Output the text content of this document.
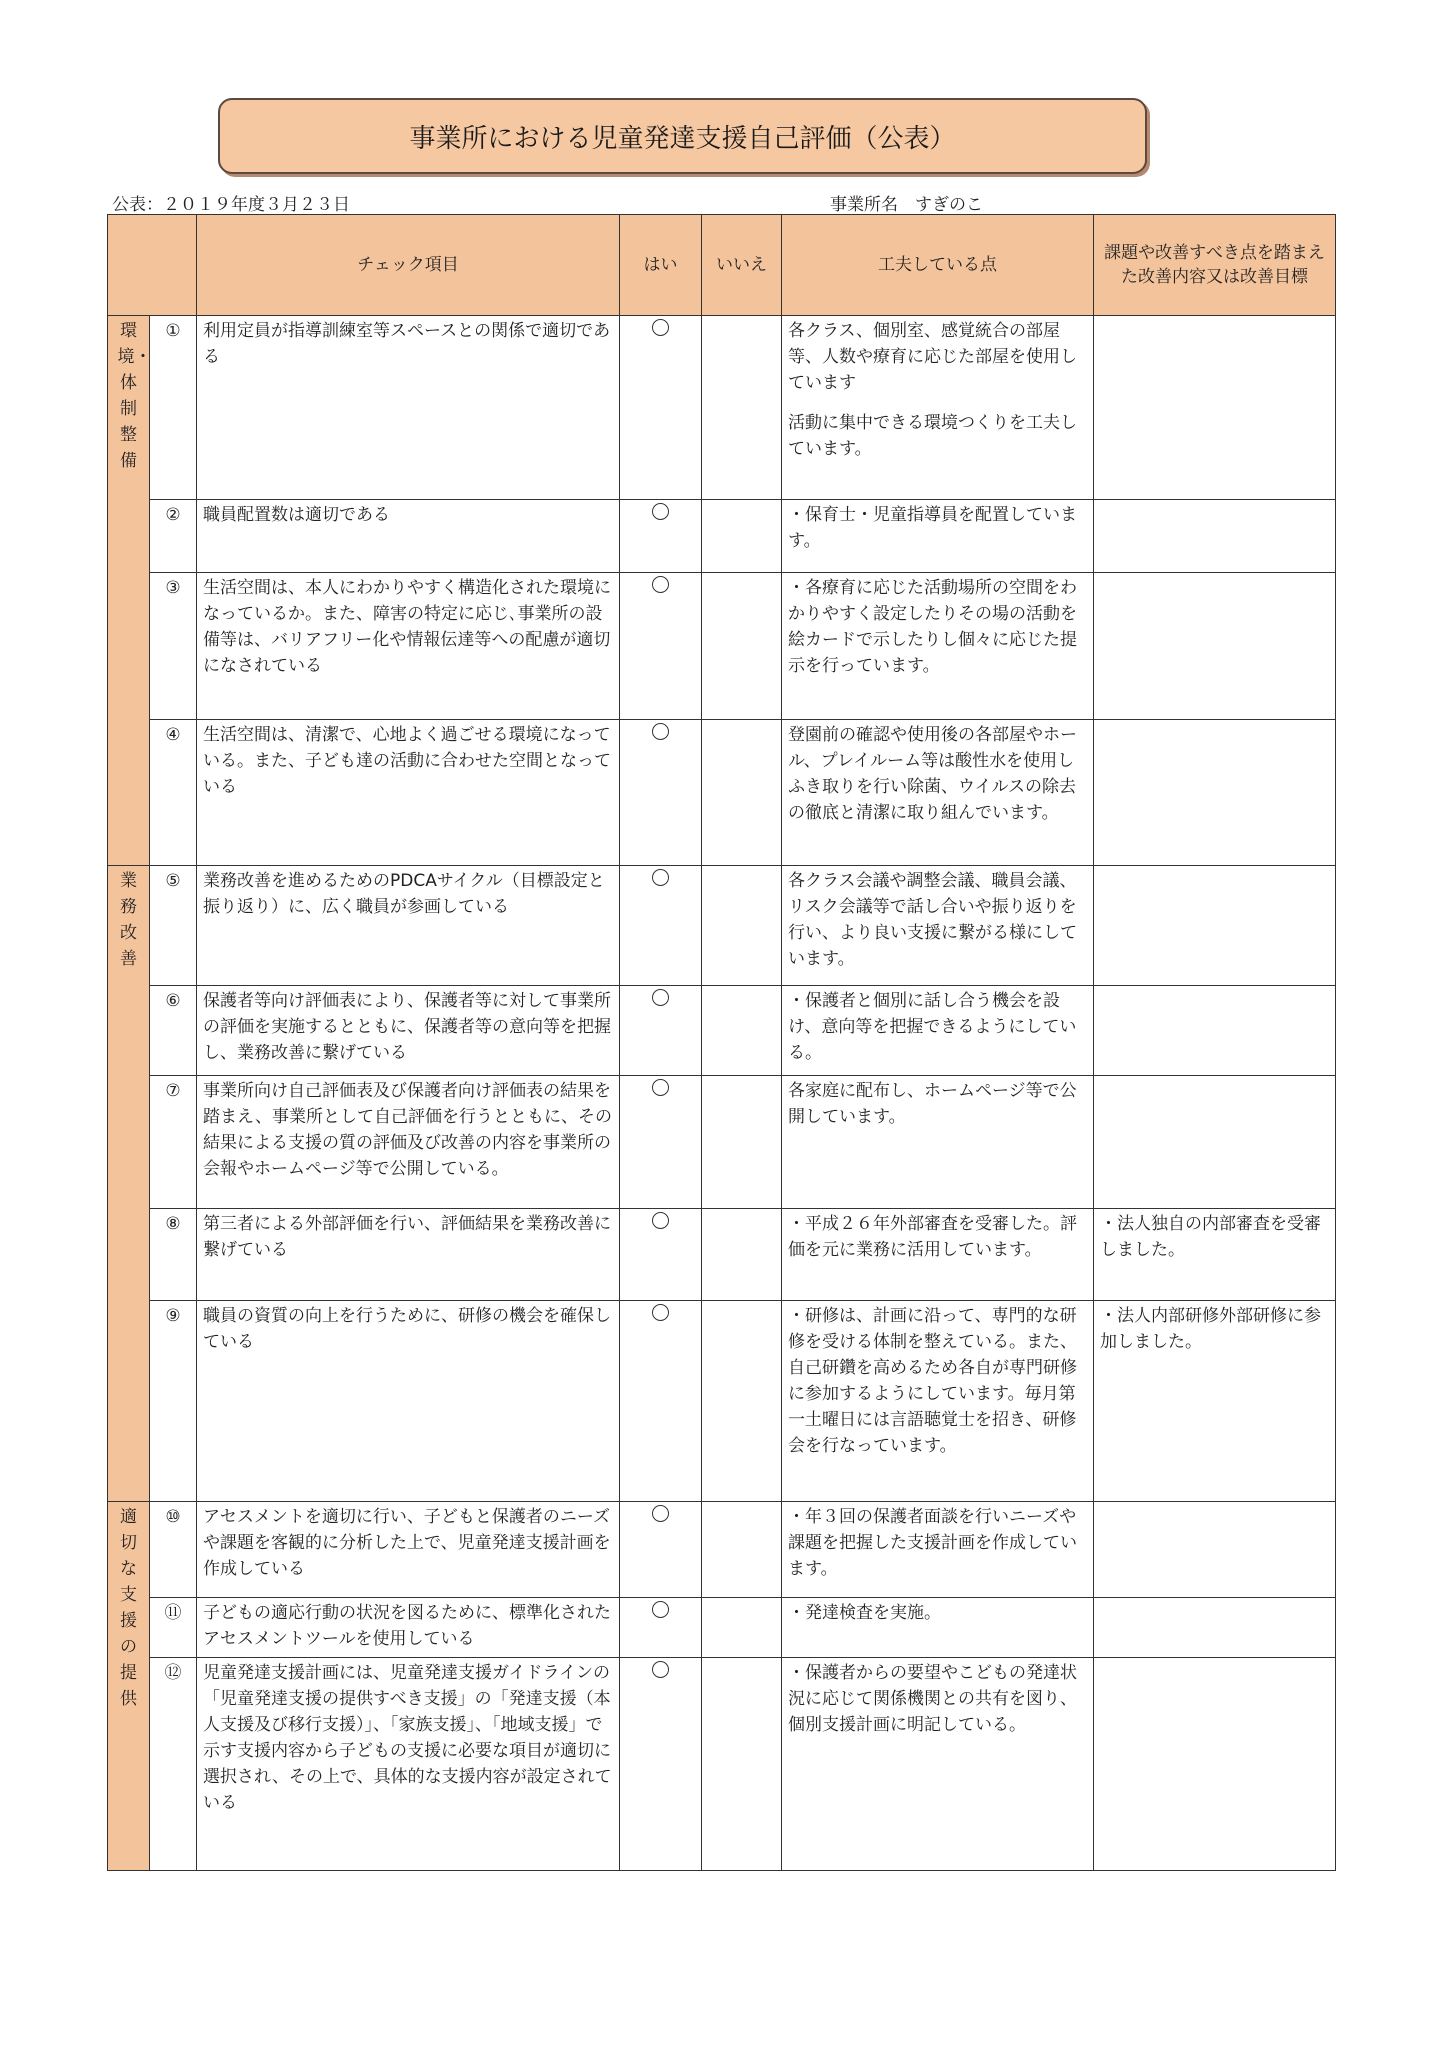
事業所における児童発達支援自己評価（公表）
公表：２０１９年度３月２３日	事業所名　すぎのこ
		チェック項目	はい	いいえ	工夫している点	課題や改善すべき点を踏まえた改善内容又は改善目標
環境・体制整備	①	利用定員が指導訓練室等スペースとの関係で適切である			各クラス、個別室、感覚統合の部屋等、人数や療育に応じた部屋を使用しています
活動に集中できる環境つくりを工夫しています。	

	②	職員配置数は適切である			・保育士・児童指導員を配置しています。	

	③	生活空間は、本人にわかりやすく構造化された環境になっているか。また、障害の特定に応じ､事業所の設備等は、バリアフリー化や情報伝達等への配慮が適切になされている			・各療育に応じた活動場所の空間をわかりやすく設定したりその場の活動を絵カードで示したりし個々に応じた提示を行っています。	

	④	生活空間は、清潔で、心地よく過ごせる環境になっている。また、子ども達の活動に合わせた空間となっている			登園前の確認や使用後の各部屋やホール、プレイルーム等は酸性水を使用しふき取りを行い除菌、ウイルスの除去の徹底と清潔に取り組んでいます。	

業務改善	⑤	業務改善を進めるためのPDCAサイクル（目標設定と振り返り）に、広く職員が参画している			各クラス会議や調整会議、職員会議、リスク会議等で話し合いや振り返りを行い、より良い支援に繋がる様にしています。	

	⑥	保護者等向け評価表により、保護者等に対して事業所の評価を実施するとともに、保護者等の意向等を把握し、業務改善に繋げている			・保護者と個別に話し合う機会を設け、意向等を把握できるようにしている。	

	⑦	事業所向け自己評価表及び保護者向け評価表の結果を踏まえ、事業所として自己評価を行うとともに、その結果による支援の質の評価及び改善の内容を事業所の会報やホームページ等で公開している。			各家庭に配布し、ホームページ等で公開しています。	

	⑧	第三者による外部評価を行い、評価結果を業務改善に繋げている			・平成２６年外部審査を受審した。評価を元に業務に活用しています。	・法人独自の内部審査を受審しました。
	⑨	職員の資質の向上を行うために、研修の機会を確保している			・研修は、計画に沿って、専門的な研修を受ける体制を整えている。また、自己研鑽を高めるため各自が専門研修に参加するようにしています。毎月第一土曜日には言語聴覚士を招き、研修会を行なっています。	・法人内部研修外部研修に参加しました。
適切な支援の提供	⑩	アセスメントを適切に行い、子どもと保護者のニーズや課題を客観的に分析した上で、児童発達支援計画を作成している			・年３回の保護者面談を行いニーズや課題を把握した支援計画を作成しています。	

	⑪	子どもの適応行動の状況を図るために、標準化されたアセスメントツールを使用している			・発達検査を実施。	

	⑫	児童発達支援計画には、児童発達支援ガイドラインの「児童発達支援の提供すべき支援」の「発達支援（本人支援及び移行支援）」、「家族支援」、「地域支援」で示す支援内容から子どもの支援に必要な項目が適切に選択され、その上で、具体的な支援内容が設定されている			・保護者からの要望やこどもの発達状況に応じて関係機関との共有を図り、個別支援計画に明記している。	
